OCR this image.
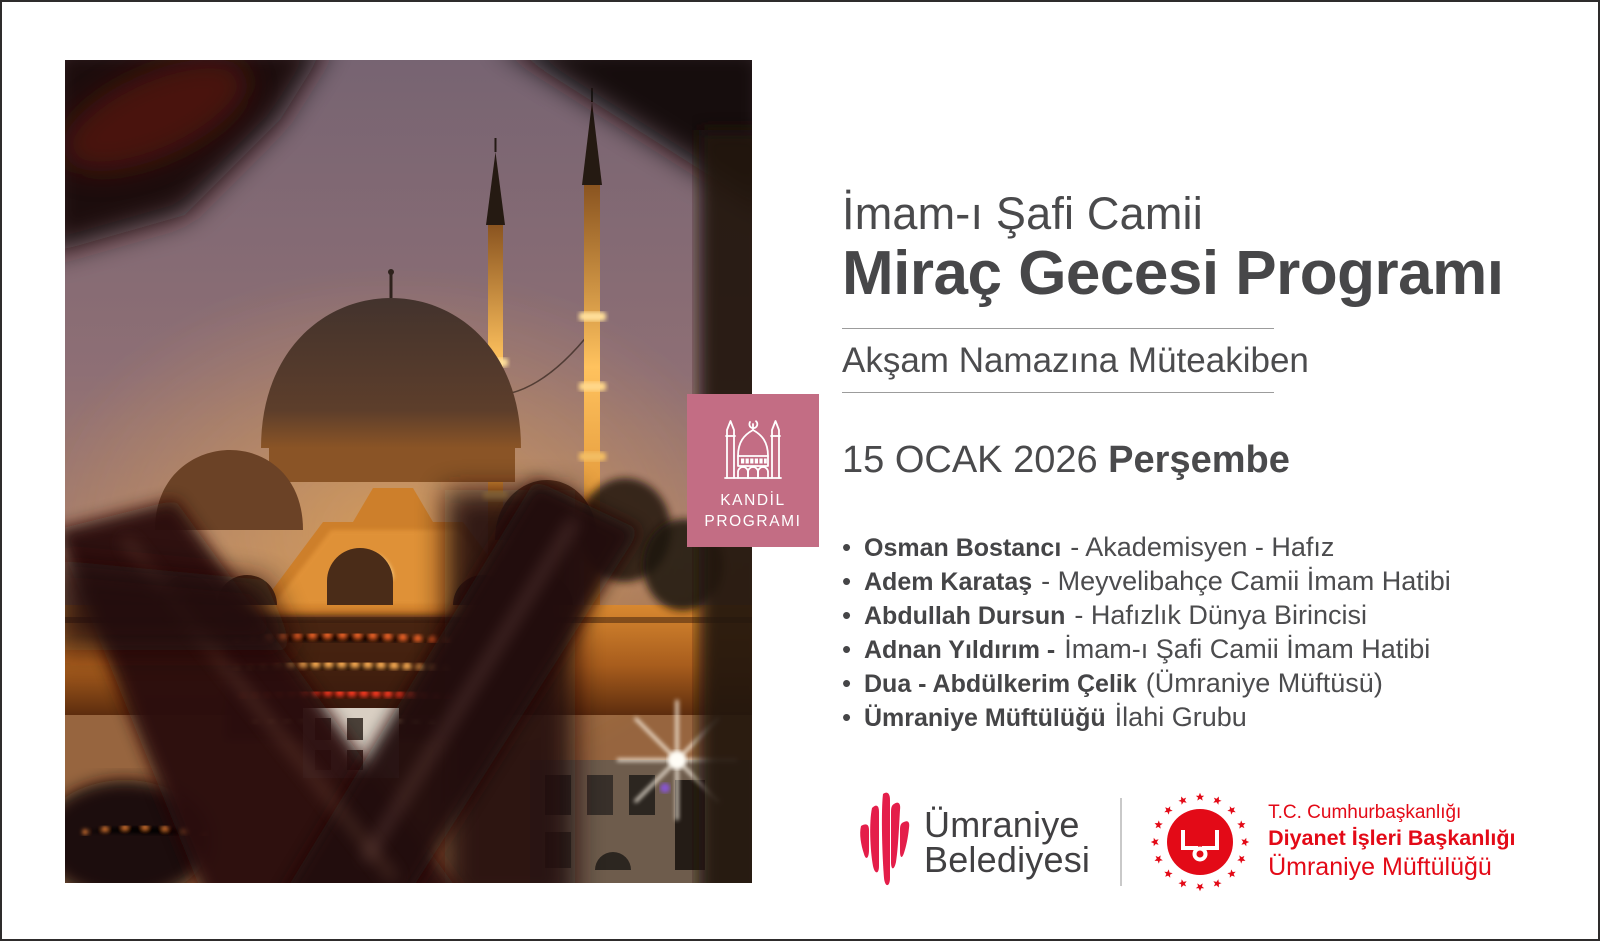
KANDİL
PROGRAMI
İmam-ı Şafi Camii
Miraç Gecesi Programı
Akşam Namazına Müteakiben
15 OCAK 2026 Perşembe
• Osman Bostancı - Akademisyen - Hafız
• Adem Karataş - Meyvelibahçe Camii İmam Hatibi
• Abdullah Dursun - Hafızlık Dünya Birincisi
• Adnan Yıldırım - İmam-ı Şafi Camii İmam Hatibi
• Dua - Abdülkerim Çelik (Ümraniye Müftüsü)
• Ümraniye Müftülüğü İlahi Grubu
Ümraniye
Belediyesi
T.C. Cumhurbaşkanlığı
Diyanet İşleri Başkanlığı
Ümraniye Müftülüğü
